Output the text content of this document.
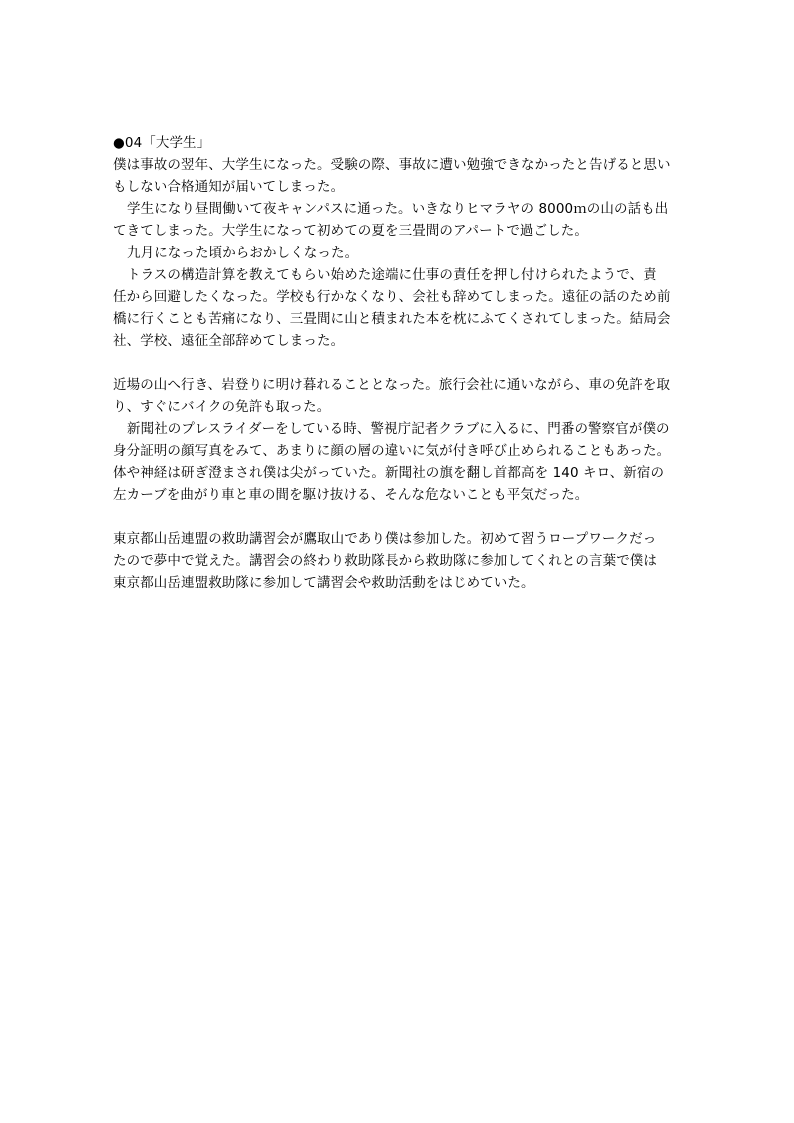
●04「大学生」
僕は事故の翌年、大学生になった。受験の際、事故に遭い勉強できなかったと告げると思い
もしない合格通知が届いてしまった。
学生になり昼間働いて夜キャンパスに通った。いきなりヒマラヤの 8000ｍの山の話も出
てきてしまった。大学生になって初めての夏を三畳間のアパートで過ごした。
九月になった頃からおかしくなった。
トラスの構造計算を教えてもらい始めた途端に仕事の責任を押し付けられたようで、責
任から回避したくなった。学校も行かなくなり、会社も辞めてしまった。遠征の話のため前
橋に行くことも苦痛になり、三畳間に山と積まれた本を枕にふてくされてしまった。結局会
社、学校、遠征全部辞めてしまった。
近場の山へ行き、岩登りに明け暮れることとなった。旅行会社に通いながら、車の免許を取
り、すぐにバイクの免許も取った。
新聞社のプレスライダーをしている時、警視庁記者クラブに入るに、門番の警察官が僕の
身分証明の顔写真をみて、あまりに顔の層の違いに気が付き呼び止められることもあった。
体や神経は研ぎ澄まされ僕は尖がっていた。新聞社の旗を翻し首都高を 140 キロ、新宿の
左カーブを曲がり車と車の間を駆け抜ける、そんな危ないことも平気だった。
東京都山岳連盟の救助講習会が鷹取山であり僕は参加した。初めて習うロープワークだっ
たので夢中で覚えた。講習会の終わり救助隊長から救助隊に参加してくれとの言葉で僕は
東京都山岳連盟救助隊に参加して講習会や救助活動をはじめていた。
